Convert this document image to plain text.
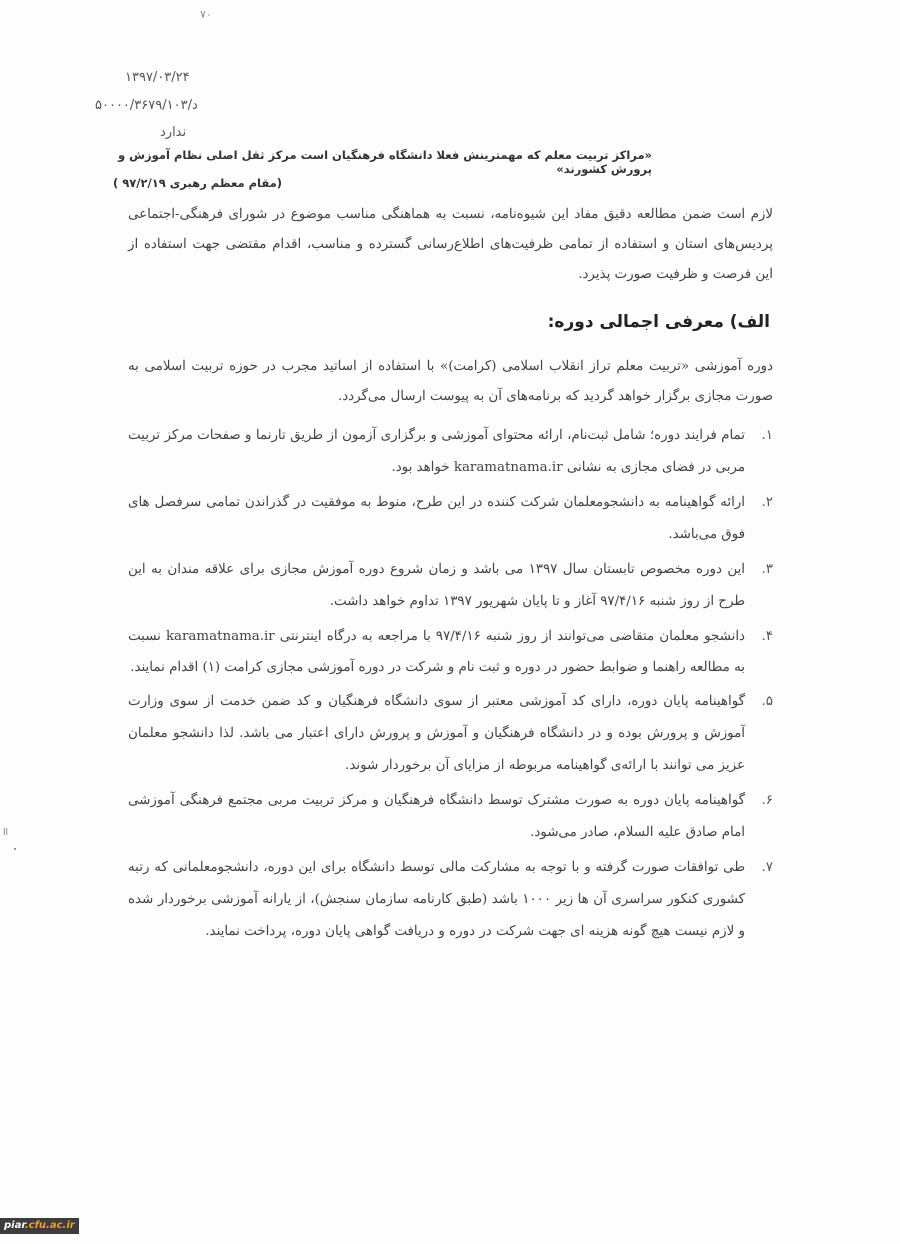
۷۰
۱۳۹۷/۰۳/۲۴
د/۵۰۰۰۰/۳۶۷۹/۱۰۳
ندارد
«مراکز تربیت معلم که مهمترینش فعلا دانشگاه فرهنگیان است مرکز ثقل اصلی نظام آموزش و پرورش کشورند»
(مقام معظم رهبری ۹۷/۲/۱۹ )
لازم است ضمن مطالعه دقیق مفاد این شیوه‌نامه، نسبت به هماهنگی مناسب موضوع در شورای فرهنگی-اجتماعی پردیس‌های استان و استفاده از تمامی ظرفیت‌های اطلاع‌رسانی گسترده و مناسب، اقدام مقتضی جهت استفاده از این فرصت و ظرفیت صورت پذیرد.
الف) معرفی اجمالی دوره:
دوره آموزشی «تربیت معلم تراز انقلاب اسلامی (کرامت)» با استفاده از اساتید مجرب در حوزه تربیت اسلامی به صورت مجازی برگزار خواهد گردید که برنامه‌های آن به پیوست ارسال می‌گردد.
۱.
تمام فرایند دوره؛ شامل ثبت‌نام، ارائه محتوای آموزشی و برگزاری آزمون از طریق تارنما و صفحات مرکز تربیت مربی در فضای مجازی به نشانی karamatnama.ir خواهد بود.
۲.
ارائه گواهینامه به دانشجومعلمان شرکت کننده در این طرح، منوط به موفقیت در گذراندن تمامی سرفصل های فوق می‌باشد.
۳.
این دوره مخصوص تابستان سال ۱۳۹۷ می باشد و زمان شروع دوره آموزش مجازی برای علاقه مندان به این طرح از روز شنبه ۹۷/۴/۱۶ آغاز و تا پایان شهریور ۱۳۹۷ تداوم خواهد داشت.
۴.
دانشجو معلمان متقاضی می‌توانند از روز شنبه ۹۷/۴/۱۶ با مراجعه به درگاه اینترنتی karamatnama.ir نسبت به مطالعه راهنما و ضوابط حضور در دوره و ثبت نام و شرکت در دوره آموزشی مجازی کرامت (۱) اقدام نمایند.
۵.
گواهینامه پایان دوره، دارای کد آموزشی معتبر از سوی دانشگاه فرهنگیان و کد ضمن خدمت از سوی وزارت آموزش و پرورش بوده و در دانشگاه فرهنگیان و آموزش و پرورش دارای اعتبار می باشد. لذا دانشجو معلمان عزیز می توانند با ارائه‌ی گواهینامه مربوطه از مزایای آن برخوردار شوند.
۶.
گواهینامه پایان دوره به صورت مشترک توسط دانشگاه فرهنگیان و مرکز تربیت مربی مجتمع فرهنگی آموزشی امام صادق علیه السلام، صادر می‌شود.
۷.
طی توافقات صورت گرفته و با توجه به مشارکت مالی توسط دانشگاه برای این دوره، دانشجومعلمانی که رتبه کشوری کنکور سراسری آن ها زیر ۱۰۰۰ باشد (طبق کارنامه سازمان سنجش)، از یارانه آموزشی برخوردار شده و لازم نیست هیچ گونه هزینه ای جهت شرکت در دوره و دریافت گواهی پایان دوره، پرداخت نمایند.
اا
piar.cfu.ac.ir
